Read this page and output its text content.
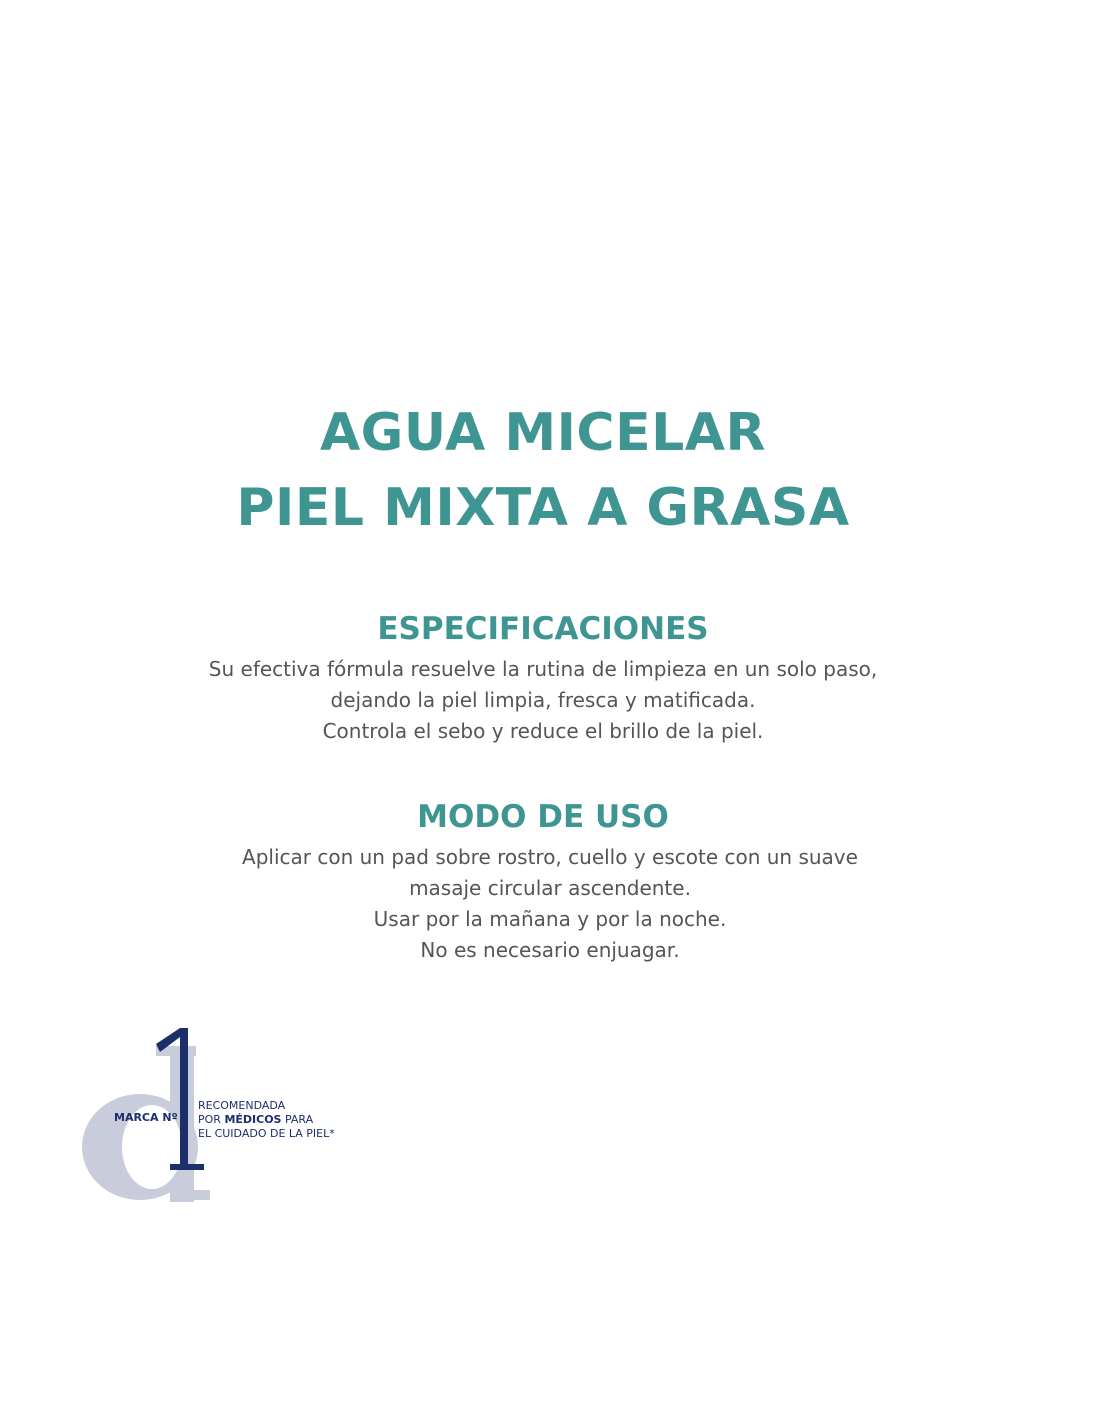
AGUA MICELAR
PIEL MIXTA A GRASA
ESPECIFICACIONES

Su efectiva fórmula resuelve la rutina de limpieza en un solo paso,
dejando la piel limpia, fresca y matificada.
Controla el sebo y reduce el brillo de la piel.

MODO DE USO

Aplicar con un pad sobre rostro, cuello y escote con un suave
masaje circular ascendente.
Usar por la mañana y por la noche.
No es necesario enjuagar.

MARCA Nº
RECOMENDADA
POR MÉDICOS PARA
EL CUIDADO DE LA PIEL*
